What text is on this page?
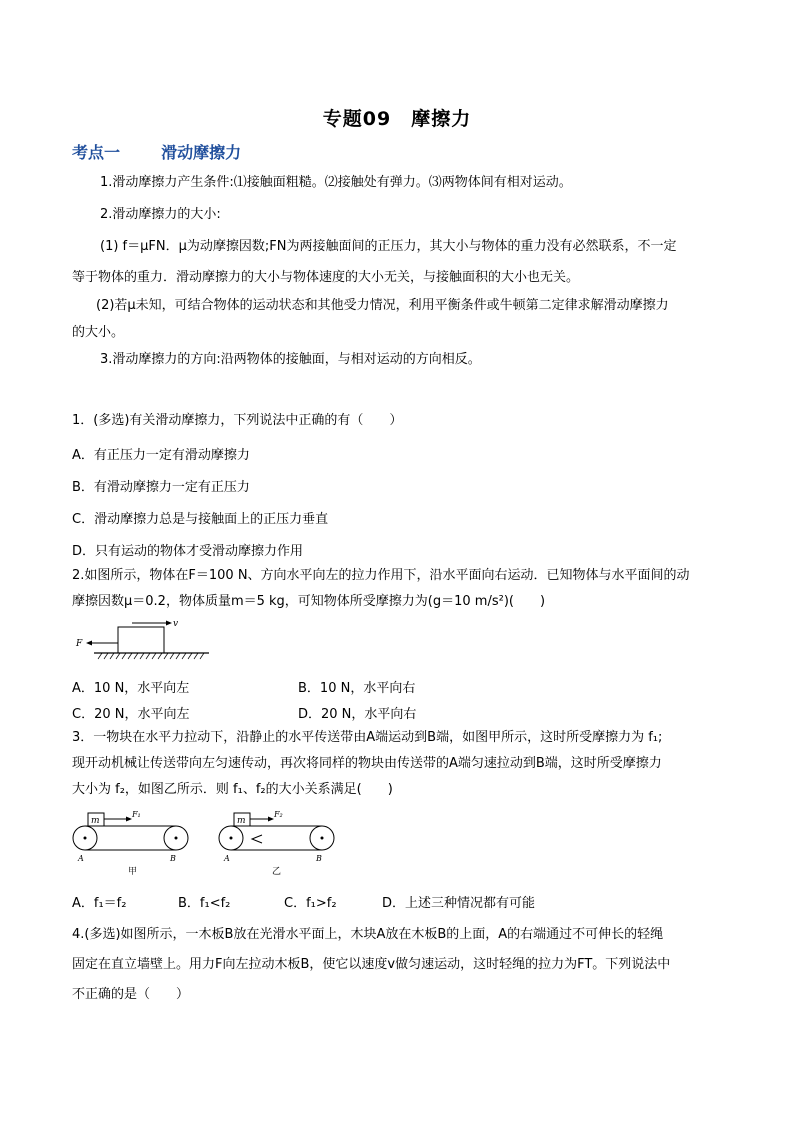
专题09　摩擦力
考点一	滑动摩擦力
1.滑动摩擦力产生条件:⑴接触面粗糙。⑵接触处有弹力。⑶两物体间有相对运动。
2.滑动摩擦力的大小:
(1) f＝μFN．μ为动摩擦因数;FN为两接触面间的正压力，其大小与物体的重力没有必然联系，不一定
等于物体的重力．滑动摩擦力的大小与物体速度的大小无关，与接触面积的大小也无关。
(2)若μ未知，可结合物体的运动状态和其他受力情况，利用平衡条件或牛顿第二定律求解滑动摩擦力
的大小。
3.滑动摩擦力的方向:沿两物体的接触面，与相对运动的方向相反。
1．(多选)有关滑动摩擦力，下列说法中正确的有（　　）
A．有正压力一定有滑动摩擦力
B．有滑动摩擦力一定有正压力
C．滑动摩擦力总是与接触面上的正压力垂直
D．只有运动的物体才受滑动摩擦力作用
2.如图所示，物体在F＝100 N、方向水平向左的拉力作用下，沿水平面向右运动．已知物体与水平面间的动
摩擦因数μ＝0.2，物体质量m＝5 kg，可知物体所受摩擦力为(g＝10 m/s²)(　　)
v
F
A．10 N，水平向左	B．10 N，水平向右
C．20 N，水平向左	D．20 N，水平向右
3．一物块在水平力拉动下，沿静止的水平传送带由A端运动到B端，如图甲所示，这时所受摩擦力为 f₁;
现开动机械让传送带向左匀速传动，再次将同样的物块由传送带的A端匀速拉动到B端，这时所受摩擦力
大小为 f₂，如图乙所示．则 f₁、f₂的大小关系满足(　　)
m
F₁
A	B
甲
m
F₂
A	B
乙
A．f₁＝f₂	B．f₁<f₂	C．f₁>f₂	D．上述三种情况都有可能
4.(多选)如图所示，一木板B放在光滑水平面上，木块A放在木板B的上面，A的右端通过不可伸长的轻绳
固定在直立墙壁上。用力F向左拉动木板B，使它以速度v做匀速运动，这时轻绳的拉力为FT。下列说法中
不正确的是（　　）
